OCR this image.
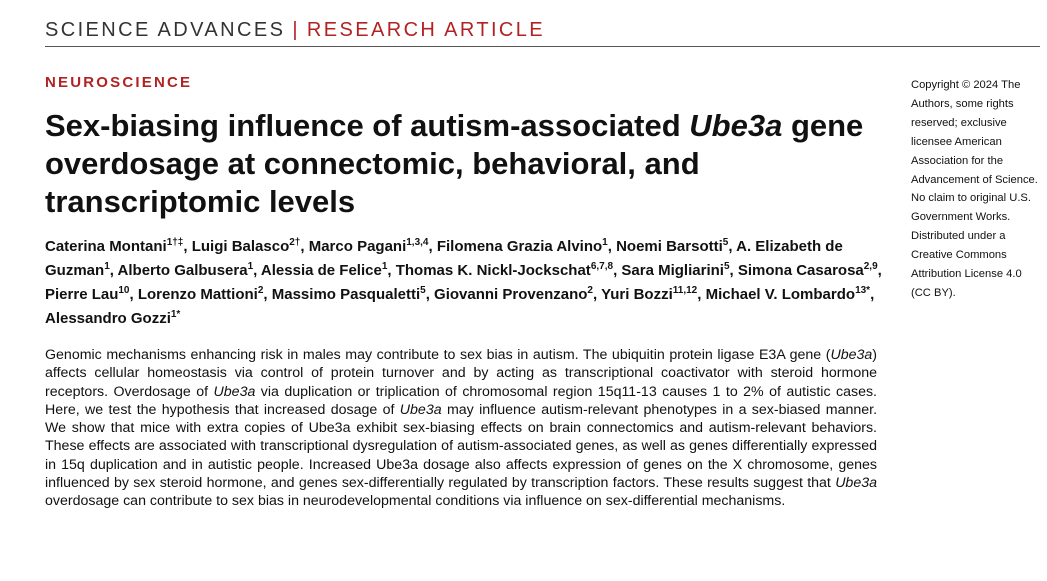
SCIENCE ADVANCES | RESEARCH ARTICLE
NEUROSCIENCE
Sex-biasing influence of autism-associated Ube3a gene overdosage at connectomic, behavioral, and transcriptomic levels
Caterina Montani$^{1\dagger\ddagger}$, Luigi Balasco$^{2\dagger}$, Marco Pagani$^{1,3,4}$, Filomena Grazia Alvino$^1$, Noemi Barsotti$^5$, A. Elizabeth de Guzman$^1$, Alberto Galbusera$^1$, Alessia de Felice$^1$, Thomas K. Nickl-Jockschat$^{6,7,8}$, Sara Migliarini$^5$, Simona Casarosa$^{2,9}$, Pierre Lau$^{10}$, Lorenzo Mattioni$^2$, Massimo Pasqualetti$^5$, Giovanni Provenzano$^2$, Yuri Bozzi$^{11,12}$, Michael V. Lombardo$^{13*}$, Alessandro Gozzi$^{1*}$

Genomic mechanisms enhancing risk in males may contribute to sex bias in autism. The ubiquitin protein ligase E3A gene (Ube3a) affects cellular homeostasis via control of protein turnover and by acting as transcriptional coactivator with steroid hormone receptors. Overdosage of Ube3a via duplication or triplication of chromosomal region 15q11-13 causes 1 to 2% of autistic cases. Here, we test the hypothesis that increased dosage of Ube3a may influence autism-relevant phenotypes in a sex-biased manner. We show that mice with extra copies of Ube3a exhibit sex-biasing effects on brain connectomics and autism-relevant behaviors. These effects are associated with transcriptional dysregulation of autism-associated genes, as well as genes differentially expressed in 15q duplication and in autistic people. Increased Ube3a dosage also affects expression of genes on the X chromosome, genes influenced by sex steroid hormone, and genes sex-differentially regulated by transcription factors. These results suggest that Ube3a overdosage can contribute to sex bias in neurodevelopmental conditions via influence on sex-differential mechanisms.

Copyright © 2024 The Authors, some rights reserved; exclusive licensee American Association for the Advancement of Science. No claim to original U.S. Government Works. Distributed under a Creative Commons Attribution License 4.0 (CC BY).
